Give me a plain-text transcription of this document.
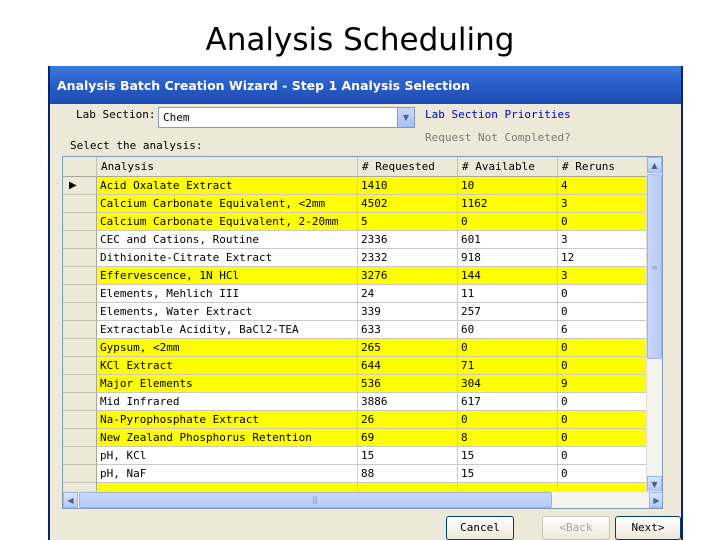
Analysis Scheduling
Analysis Batch Creation Wizard - Step 1 Analysis Selection
Lab Section: Chem	▼	Lab Section Priorities
Request Not Completed?
Select the analysis:
Analysis	# Requested	# Available	# Reruns
▶	Acid Oxalate Extract	1410	10	4
Calcium Carbonate Equivalent, <2mm	4502	1162	3
Calcium Carbonate Equivalent, 2-20mm	5	0	0
CEC and Cations, Routine	2336	601	3
Dithionite-Citrate Extract	2332	918	12
Effervescence, 1N HCl	3276	144	3
Elements, Mehlich III	24	11	0
Elements, Water Extract	339	257	0
Extractable Acidity, BaCl2-TEA	633	60	6
Gypsum, <2mm	265	0	0
KCl Extract	644	71	0
Major Elements	536	304	9
Mid Infrared	3886	617	0
Na-Pyrophosphate Extract	26	0	0
New Zealand Phosphorus Retention	69	8	0
pH, KCl	15	15	0
pH, NaF	88	15	0
▲
≡
▼
◀	|||	▶
Cancel	<Back	Next>
